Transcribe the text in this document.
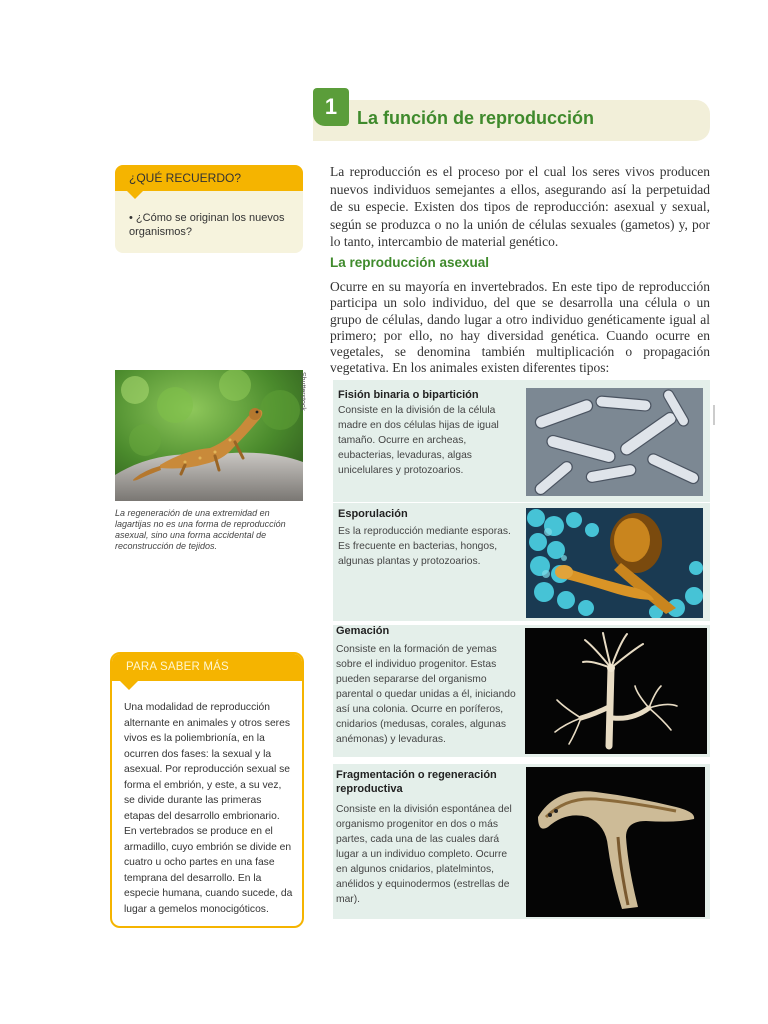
1	La función de reproducción
¿QUÉ RECUERDO?
• ¿Cómo se originan los nuevos organismos?
La reproducción es el proceso por el cual los seres vivos producen nuevos individuos semejantes a ellos, asegurando así la perpetuidad de su especie. Existen dos tipos de reproducción: asexual y sexual, según se produzca o no la unión de células sexuales (gametos) y, por lo tanto, intercambio de material genético.
La reproducción asexual
Ocurre en su mayoría en invertebrados. En este tipo de reproducción participa un solo individuo, del que se desarrolla una célula o un grupo de células, dando lugar a otro individuo genéticamente igual al primero; por ello, no hay diversidad genética. Cuando ocurre en vegetales, se denomina también multiplicación o propagación vegetativa. En los animales existen diferentes tipos:
Shutterstock
La regeneración de una extremidad en lagartijas no es una forma de reproducción asexual, sino una forma accidental de reconstrucción de tejidos.
Fisión binaria o bipartición
Consiste en la división de la célula madre en dos células hijas de igual tamaño. Ocurre en archeas, eubacterias, levaduras, algas unicelulares y protozoarios.
Esporulación
Es la reproducción mediante esporas. Es frecuente en bacterias, hongos, algunas plantas y protozoarios.
Gemación
Consiste en la formación de yemas sobre el individuo progenitor. Estas pueden separarse del organismo parental o quedar unidas a él, iniciando así una colonia. Ocurre en poríferos, cnidarios (medusas, corales, algunas anémonas) y levaduras.
Fragmentación o regeneración reproductiva
Consiste en la división espontánea del organismo progenitor en dos o más partes, cada una de las cuales dará lugar a un individuo completo. Ocurre en algunos cnidarios, platelmintos, anélidos y equinodermos (estrellas de mar).
PARA SABER MÁS
Una modalidad de reproducción alternante en animales y otros seres vivos es la poliembrionía, en la ocurren dos fases: la sexual y la asexual. Por reproducción sexual se forma el embrión, y este, a su vez, se divide durante las primeras etapas del desarrollo embrionario. En vertebrados se produce en el armadillo, cuyo embrión se divide en cuatro u ocho partes en una fase temprana del desarrollo. En la especie humana, cuando sucede, da lugar a gemelos monocigóticos.
